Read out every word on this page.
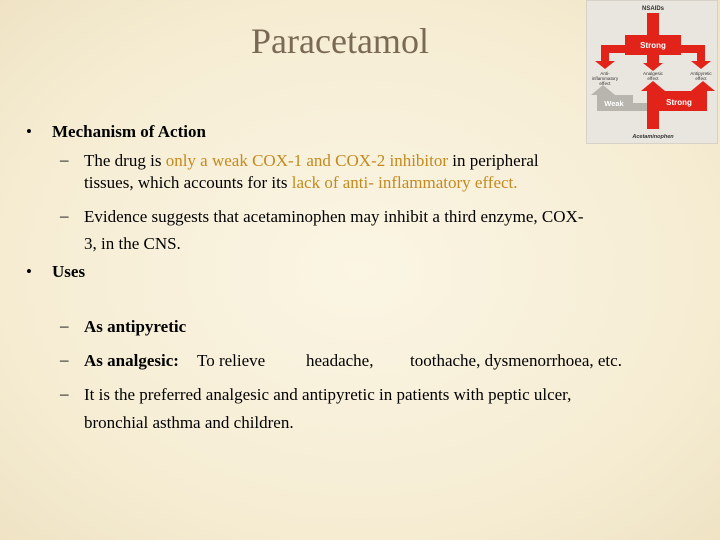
Paracetamol
• Mechanism of Action
– The drug is only a weak COX-1 and COX-2 inhibitor in peripheral
tissues, which accounts for its lack of anti- inflammatory effect.
– Evidence suggests that acetaminophen may inhibit a third enzyme, COX-
3, in the CNS.
• Uses
– As antipyretic
– As analgesic: To relieve headache, toothache, dysmenorrhoea, etc.
– It is the preferred analgesic and antipyretic in patients with peptic ulcer,
bronchial asthma and children.
NSAIDs
Strong
Anti-
inflammatory
effect
Analgesic
effect
Antipyretic
effect
Weak	Strong
Acetaminophen
